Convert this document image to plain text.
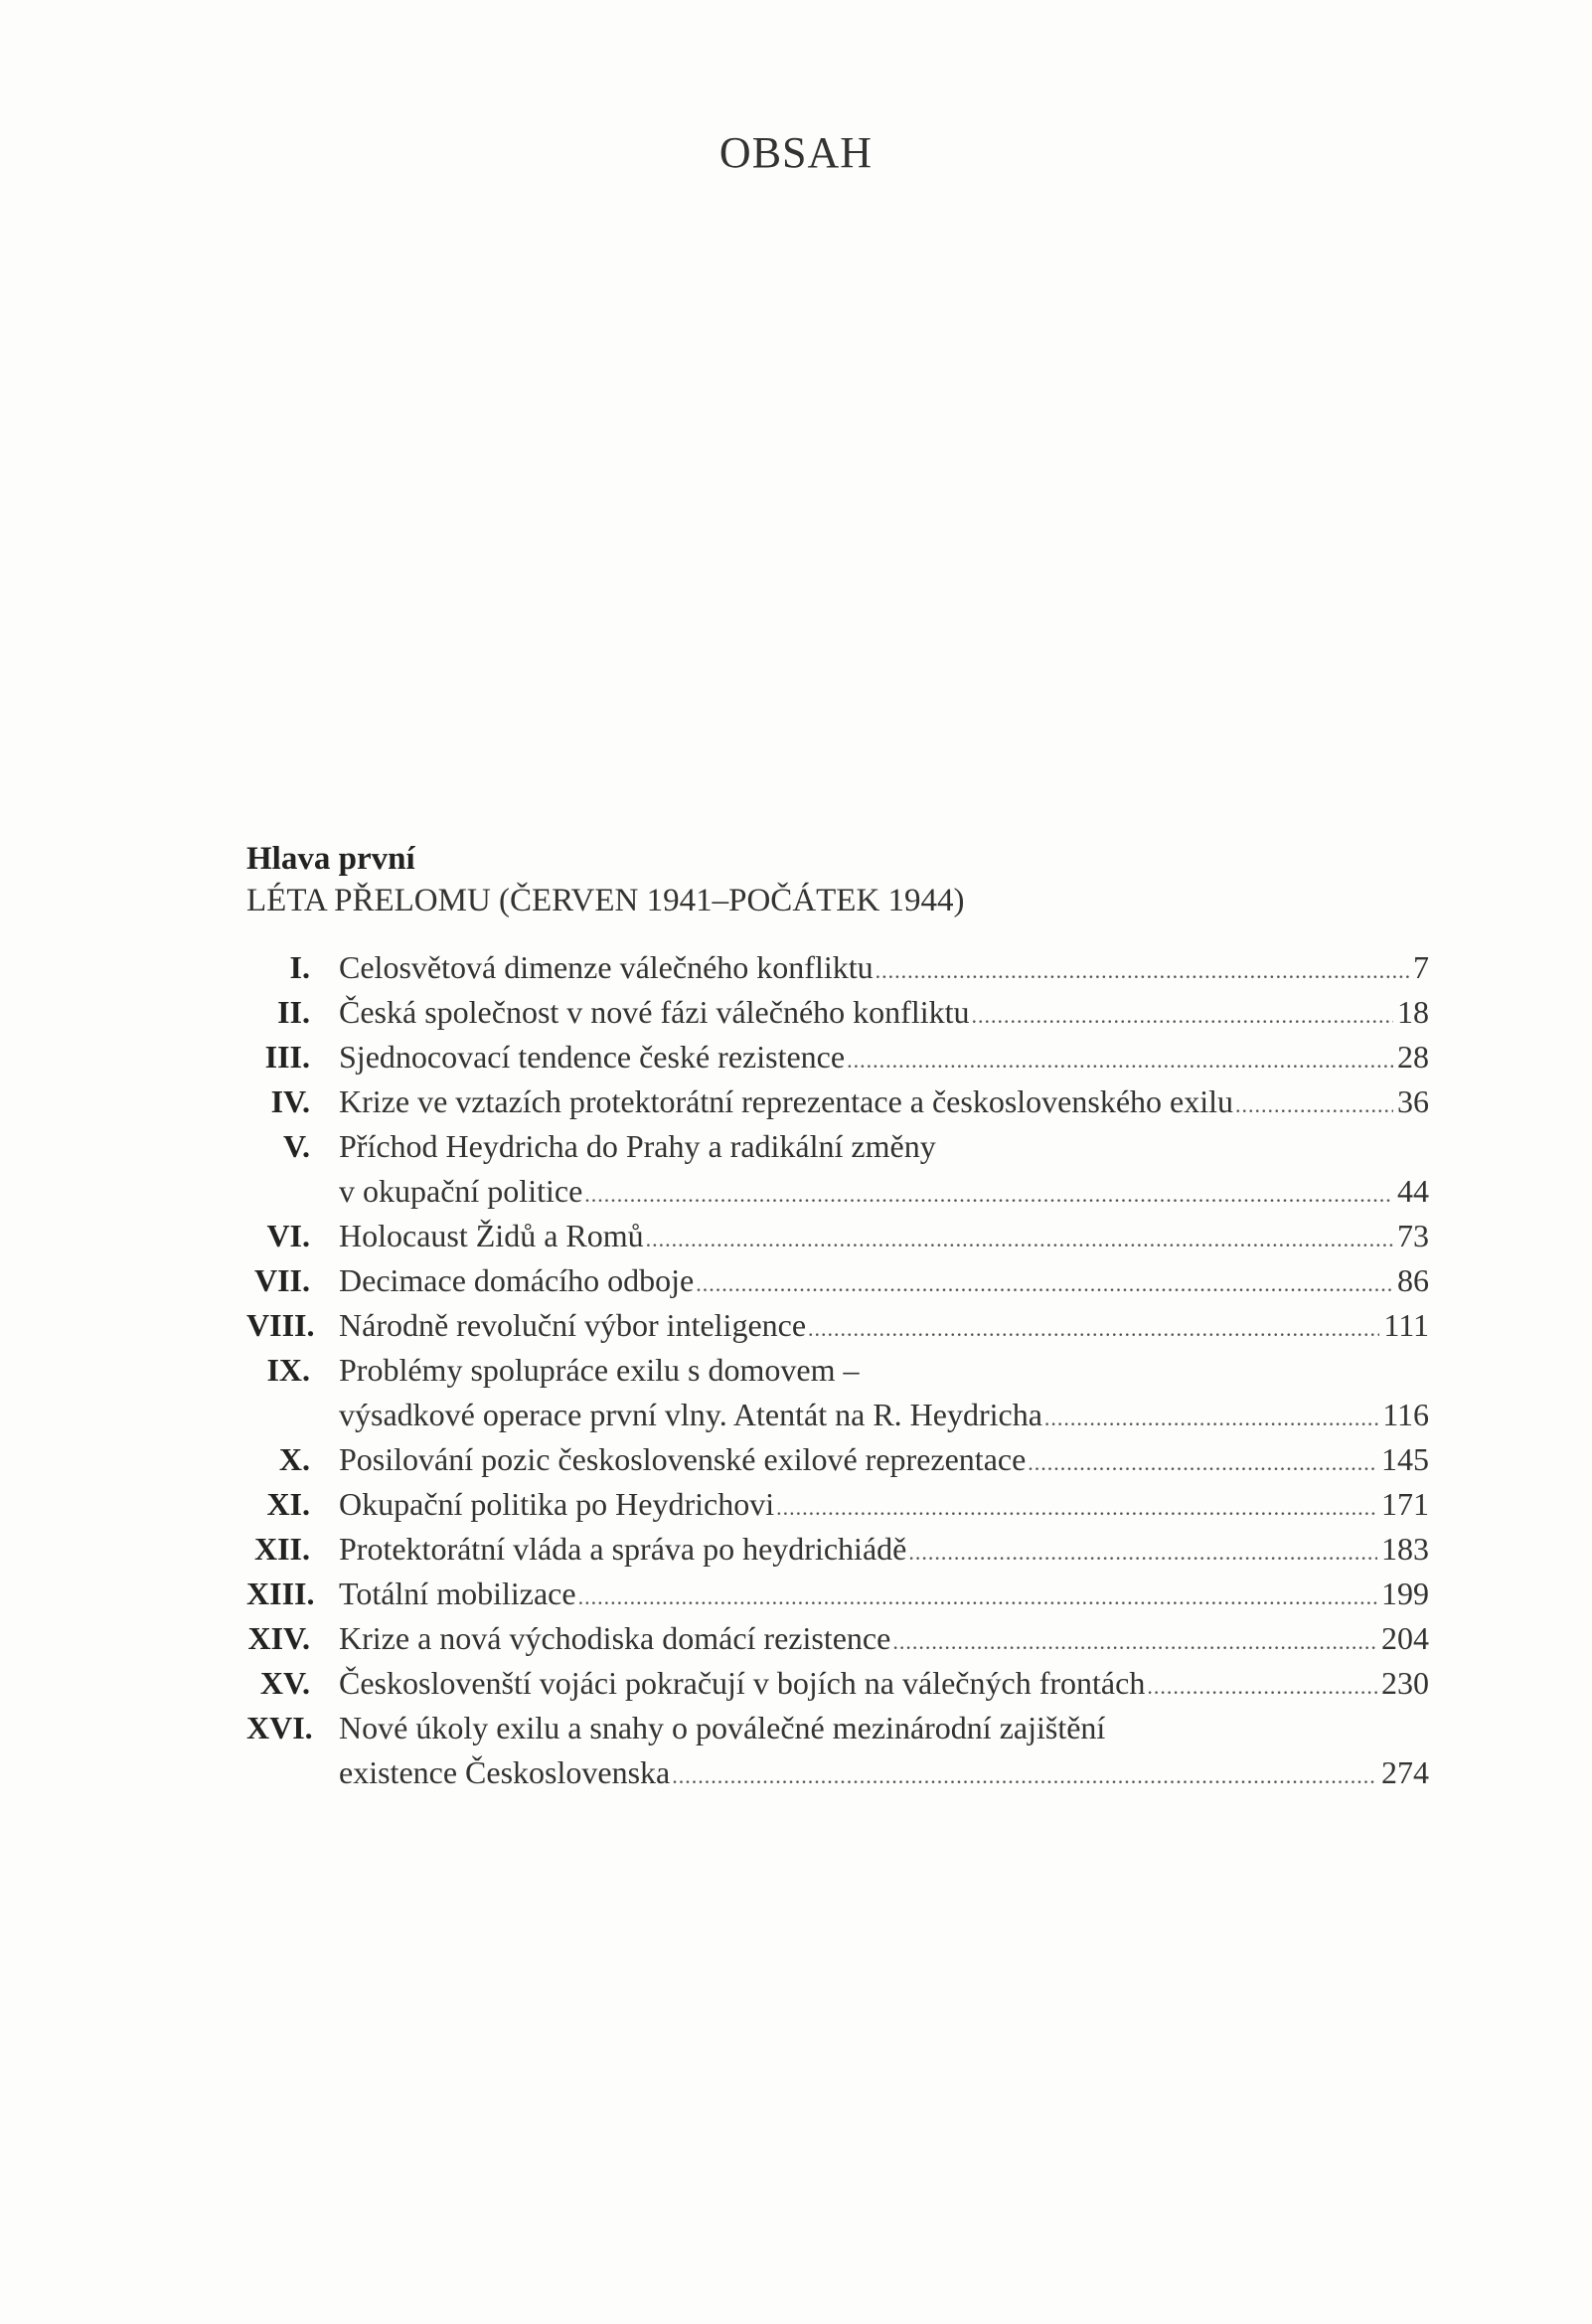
OBSAH
Hlava první
LÉTA PŘELOMU (ČERVEN 1941–POČÁTEK 1944)
I. Celosvětová dimenze válečného konfliktu .....	7
II. Česká společnost v nové fázi válečného konfliktu .....	18
III. Sjednocovací tendence české rezistence .....	28
IV. Krize ve vztazích protektorátní reprezentace a československého exilu .....	36
V. Příchod Heydricha do Prahy a radikální změny
v okupační politice .....	44
VI. Holocaust Židů a Romů .....	73
VII. Decimace domácího odboje .....	86
VIII. Národně revoluční výbor inteligence .....	111
IX. Problémy spolupráce exilu s domovem –
výsadkové operace první vlny. Atentát na R. Heydricha .....	116
X. Posilování pozic československé exilové reprezentace .....	145
XI. Okupační politika po Heydrichovi .....	171
XII. Protektorátní vláda a správa po heydrichiádě .....	183
XIII. Totální mobilizace .....	199
XIV. Krize a nová východiska domácí rezistence .....	204
XV. Českoslovenští vojáci pokračují v bojích na válečných frontách .....	230
XVI. Nové úkoly exilu a snahy o poválečné mezinárodní zajištění
existence Československa .....	274
